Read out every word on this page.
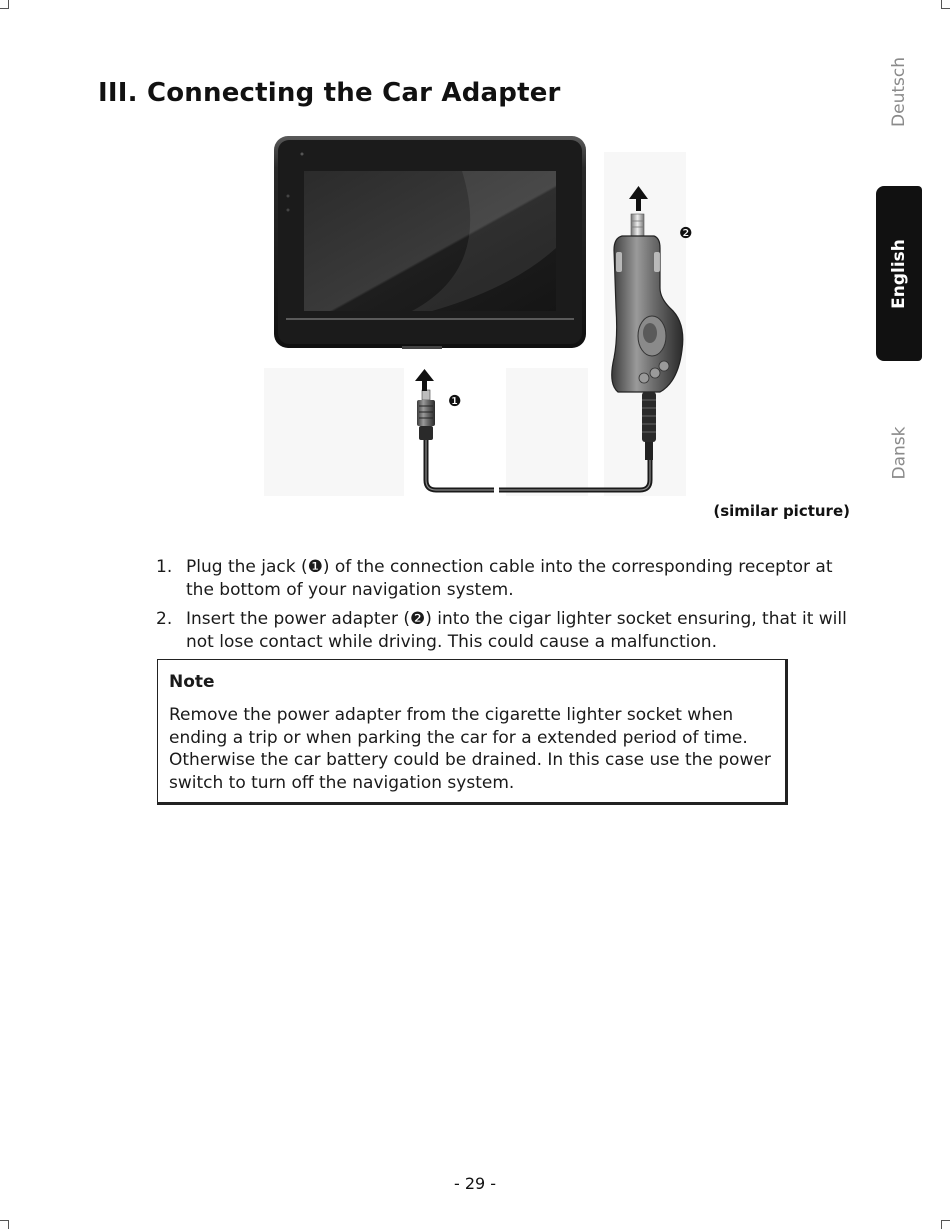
III. Connecting the Car Adapter	Deutsch
English
Dansk
❶
❷
(similar picture)
1. Plug the jack (❶) of the connection cable into the corresponding receptor at the bottom of your navigation system.
2. Insert the power adapter (❷) into the cigar lighter socket ensuring, that it will not lose contact while driving. This could cause a malfunction.

Note

Remove the power adapter from the cigarette lighter socket when ending a trip or when parking the car for a extended period of time. Otherwise the car battery could be drained. In this case use the power switch to turn off the navigation system.

- 29 -
